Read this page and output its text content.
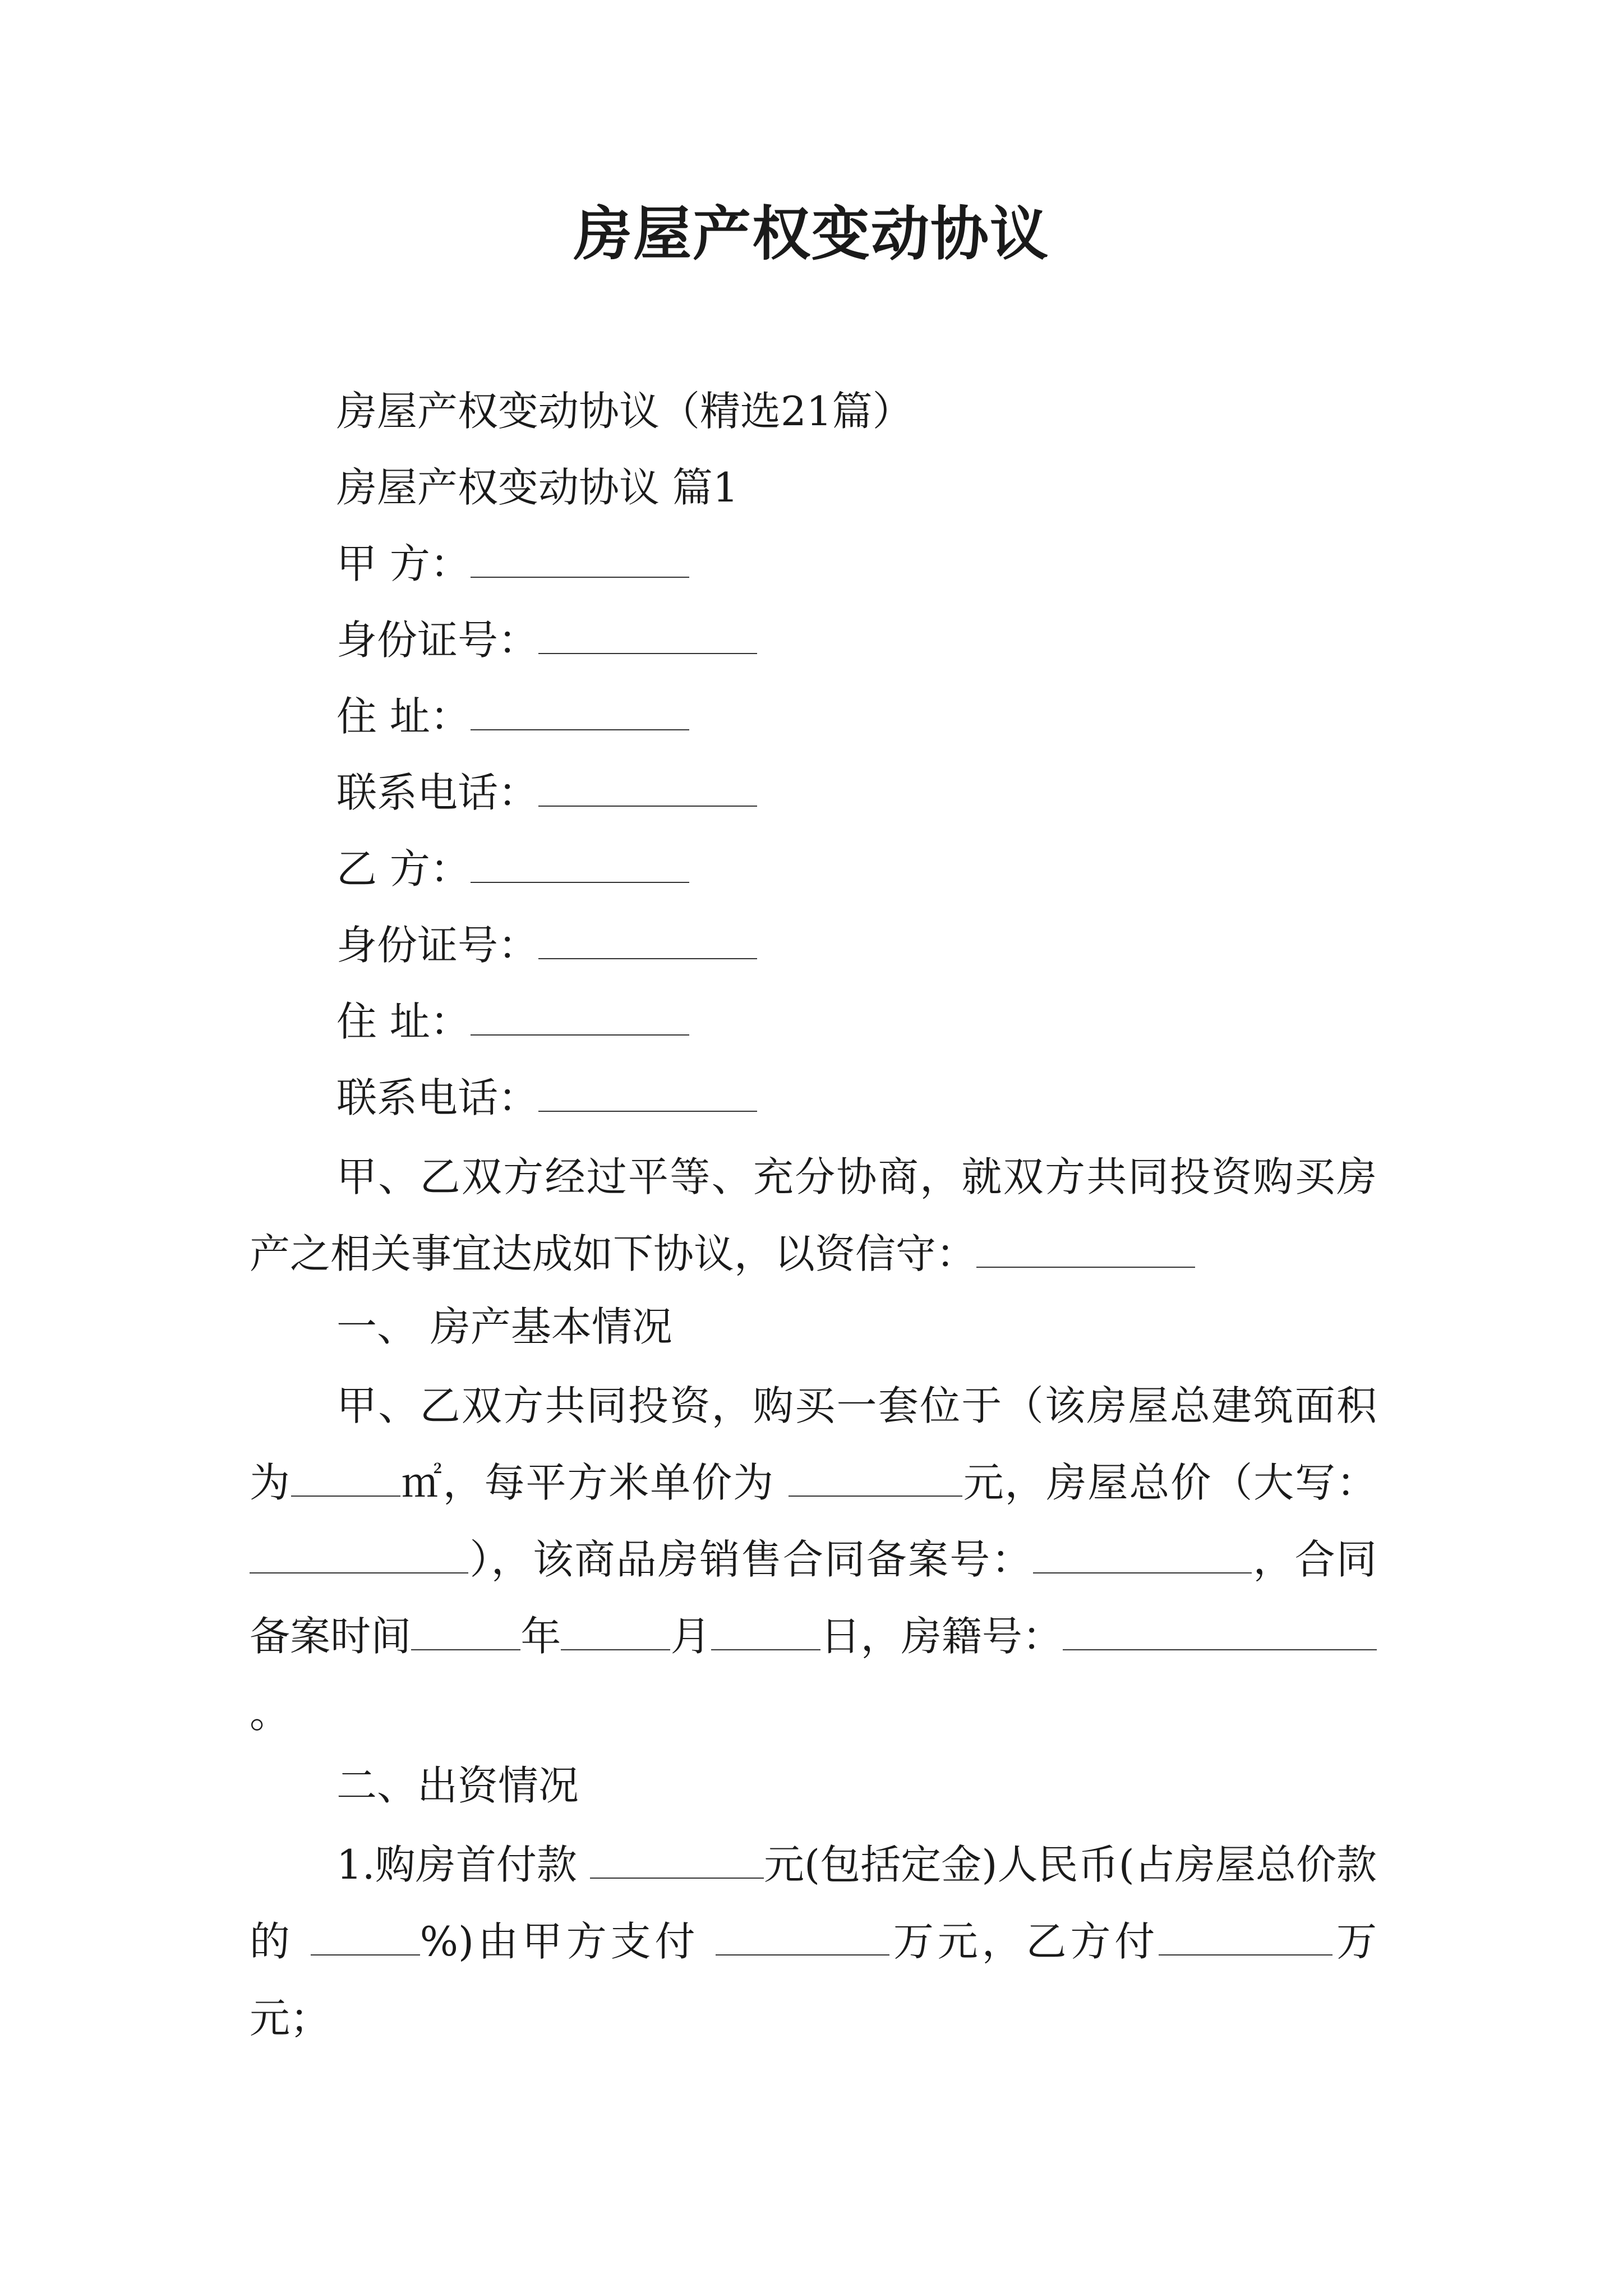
房屋产权变动协议
房屋产权变动协议（精选21篇）
房屋产权变动协议 篇1
甲 方：
身份证号：
住 址：
联系电话：
乙 方：
身份证号：
住 址：
联系电话：
甲、乙双方经过平等、充分协商，就双方共同投资购买房产之相关事宜达成如下协议，以资信守：
一、 房产基本情况
甲、乙双方共同投资，购买一套位于（该房屋总建筑面积为	㎡，每平方米单价为	元，房屋总价（大写：），该商品房销售合同备案号：	，合同备案时间	年	月	日，房籍号：。
二、出资情况
1.购房首付款	元(包括定金)人民币(占房屋总价款的	%)由甲方支付	万元，乙方付	万元；
